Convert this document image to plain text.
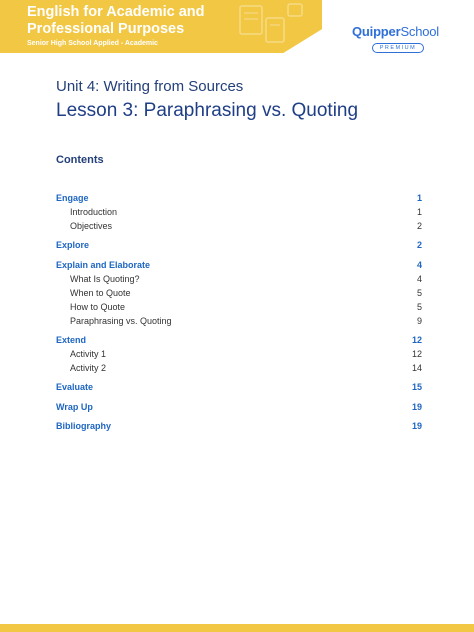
English for Academic and Professional Purposes
Senior High School Applied - Academic
QuipperSchool
PREMIUM
Unit 4: Writing from Sources
Lesson 3: Paraphrasing vs. Quoting
Contents
Engage	1
Introduction	1
Objectives	2
Explore	2
Explain and Elaborate	4
What Is Quoting?	4
When to Quote	5
How to Quote	5
Paraphrasing vs. Quoting	9
Extend	12
Activity 1	12
Activity 2	14
Evaluate	15
Wrap Up	19
Bibliography	19
